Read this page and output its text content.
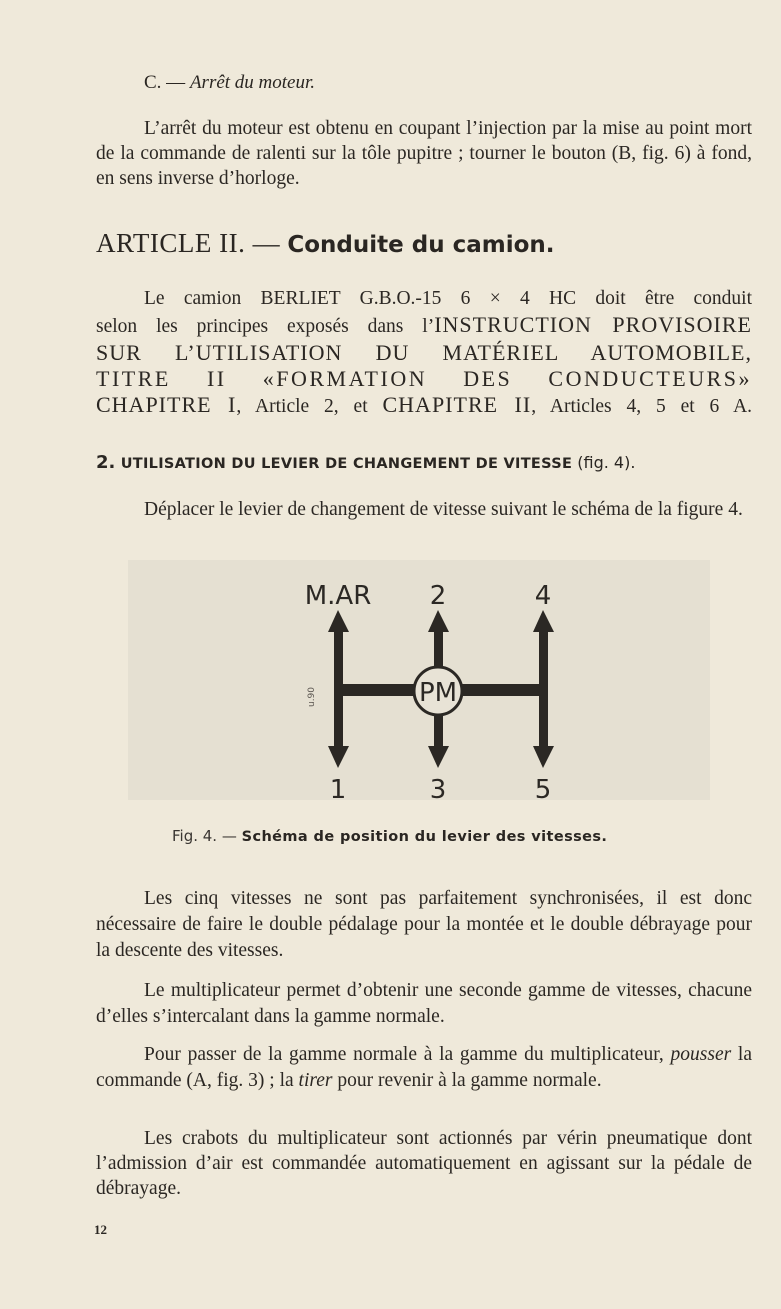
C. — Arrêt du moteur.

L’arrêt du moteur est obtenu en coupant l’injection par la mise au point mort de la commande de ralenti sur la tôle pupitre ; tourner le bouton (B, fig. 6) à fond, en sens inverse d’horloge.

ARTICLE II. — Conduite du camion.
Le camion BERLIET G.B.O.-15 6 × 4 HC doit être conduit
selon les principes exposés dans l’INSTRUCTION PROVISOIRE
SUR L’UTILISATION DU MATÉRIEL AUTOMOBILE,
TITRE II «FORMATION DES CONDUCTEURS»
CHAPITRE I, Article 2, et CHAPITRE II, Articles 4, 5 et 6 A.
2. UTILISATION DU LEVIER DE CHANGEMENT DE VITESSE (fig. 4).

Déplacer le levier de changement de vitesse suivant le schéma de la figure 4.

PM
M.AR 2	4
1	3	5
u.90
Fig. 4. — Schéma de position du levier des vitesses.

Les cinq vitesses ne sont pas parfaitement synchronisées, il est donc nécessaire de faire le double pédalage pour la montée et le double débrayage pour la descente des vitesses.

Le multiplicateur permet d’obtenir une seconde gamme de vitesses, chacune d’elles s’intercalant dans la gamme normale.

Pour passer de la gamme normale à la gamme du multiplicateur, pousser la commande (A, fig. 3) ; la tirer pour revenir à la gamme normale.

Les crabots du multiplicateur sont actionnés par vérin pneumatique dont l’admission d’air est commandée automatiquement en agissant sur la pédale de débrayage.

12
